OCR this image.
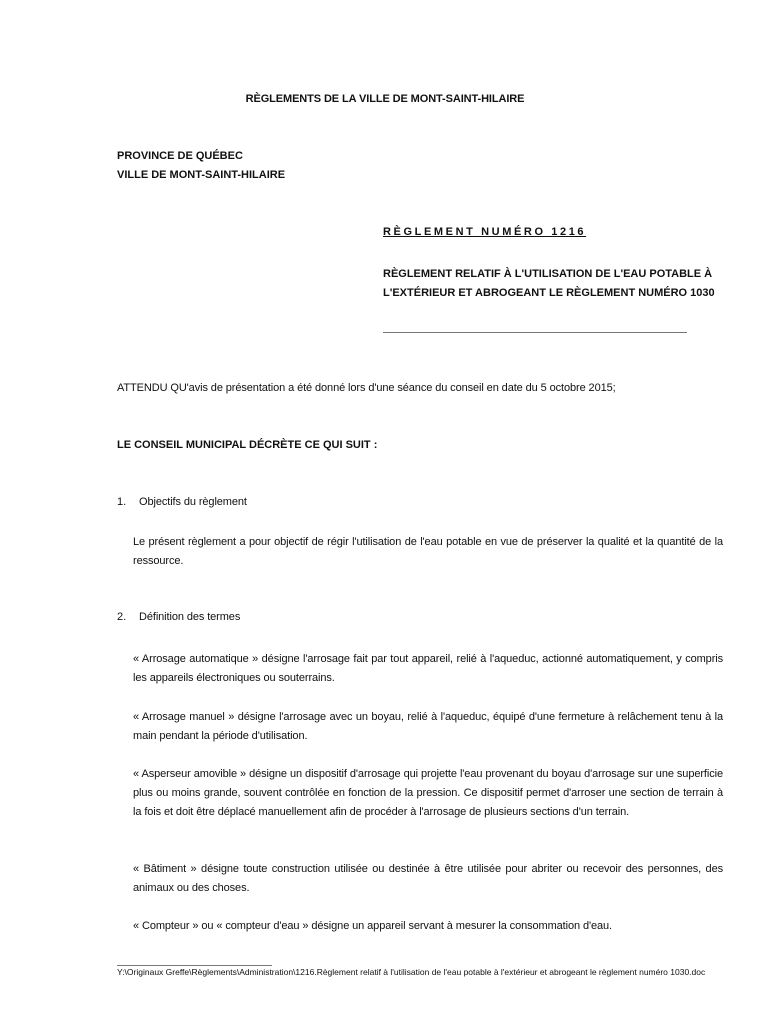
RÈGLEMENTS DE LA VILLE DE MONT-SAINT-HILAIRE
PROVINCE DE QUÉBEC
VILLE DE MONT-SAINT-HILAIRE
RÈGLEMENT NUMÉRO 1216
RÈGLEMENT RELATIF À L'UTILISATION DE L'EAU POTABLE À L'EXTÉRIEUR ET ABROGEANT LE RÈGLEMENT NUMÉRO 1030
ATTENDU QU'avis de présentation a été donné lors d'une séance du conseil en date du 5 octobre 2015;
LE CONSEIL MUNICIPAL DÉCRÈTE CE QUI SUIT :
1. Objectifs du règlement
Le présent règlement a pour objectif de régir l'utilisation de l'eau potable en vue de préserver la qualité et la quantité de la ressource.
2. Définition des termes
« Arrosage automatique » désigne l'arrosage fait par tout appareil, relié à l'aqueduc, actionné automatiquement, y compris les appareils électroniques ou souterrains.
« Arrosage manuel » désigne l'arrosage avec un boyau, relié à l'aqueduc, équipé d'une fermeture à relâchement tenu à la main pendant la période d'utilisation.
« Asperseur amovible » désigne un dispositif d'arrosage qui projette l'eau provenant du boyau d'arrosage sur une superficie plus ou moins grande, souvent contrôlée en fonction de la pression. Ce dispositif permet d'arroser une section de terrain à la fois et doit être déplacé manuellement afin de procéder à l'arrosage de plusieurs sections d'un terrain.
« Bâtiment » désigne toute construction utilisée ou destinée à être utilisée pour abriter ou recevoir des personnes, des animaux ou des choses.
« Compteur » ou « compteur d'eau » désigne un appareil servant à mesurer la consommation d'eau.
Y:\Originaux Greffe\Règlements\Administration\1216.Règlement relatif à l'utilisation de l'eau potable à l'extérieur et abrogeant le règlement numéro 1030.doc
